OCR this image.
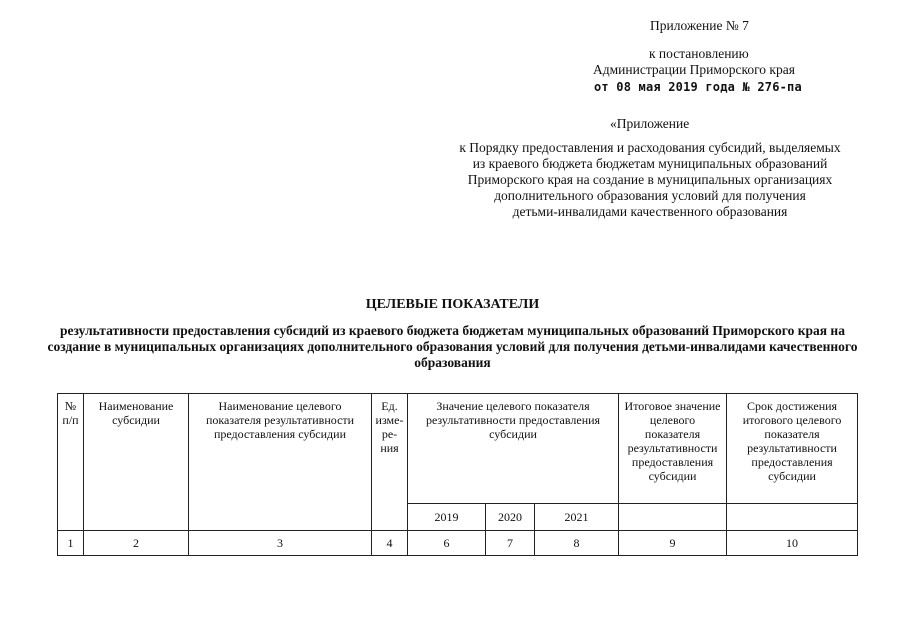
Приложение № 7
к постановлению
Администрации Приморского края
от 08 мая 2019 года № 276-па
«Приложение
к Порядку предоставления и расходования субсидий, выделяемых
из краевого бюджета бюджетам муниципальных образований
Приморского края на создание в муниципальных организациях
дополнительного образования условий для получения
детьми-инвалидами качественного образования
ЦЕЛЕВЫЕ ПОКАЗАТЕЛИ
результативности предоставления субсидий из краевого бюджета бюджетам муниципальных образований Приморского края на создание в муниципальных организациях дополнительного образования условий для получения детьми-инвалидами качественного образования
№ п/п	Наименование субсидии	Наименование целевого показателя результативности предоставления субсидии	Ед. изме-ре-ния	Значение целевого показателя результативности предоставления субсидии			Итоговое значение целевого показателя результативности предоставления субсидии	Срок достижения итогового целевого показателя результативности предоставления субсидии
				2019	2020	2021		
1	2	3	4	6	7	8	9	10
